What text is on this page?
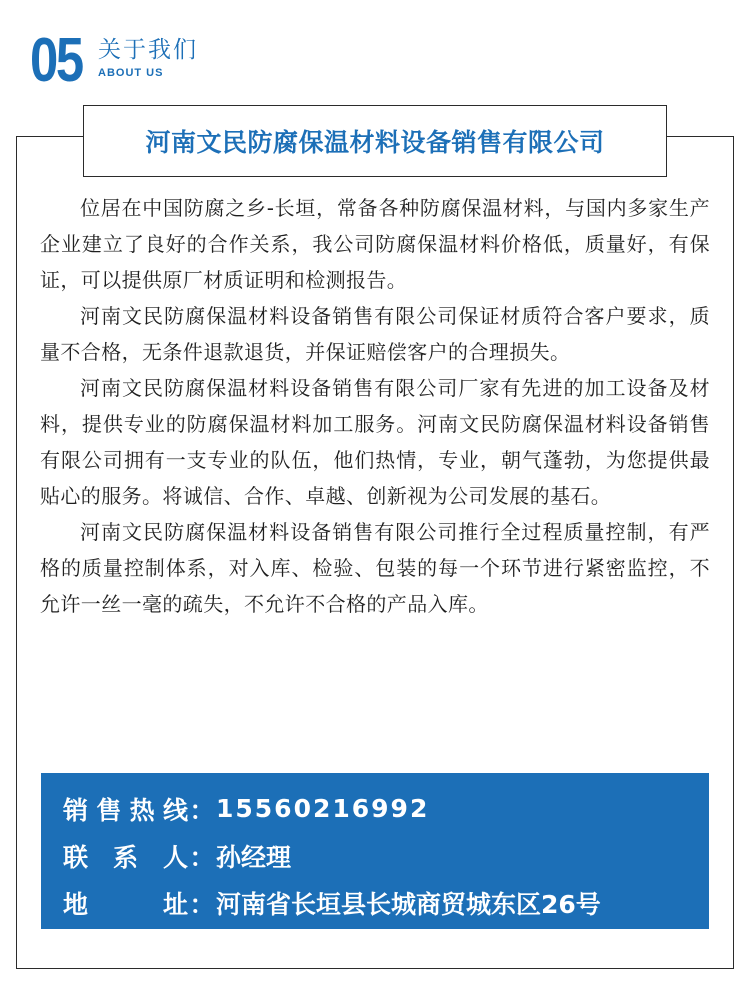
05 关于我们
ABOUT US
河南文民防腐保温材料设备销售有限公司

位居在中国防腐之乡-长垣，常备各种防腐保温材料，与国内多家生产企业建立了良好的合作关系，我公司防腐保温材料价格低，质量好，有保证，可以提供原厂材质证明和检测报告。

河南文民防腐保温材料设备销售有限公司保证材质符合客户要求，质量不合格，无条件退款退货，并保证赔偿客户的合理损失。

河南文民防腐保温材料设备销售有限公司厂家有先进的加工设备及材料，提供专业的防腐保温材料加工服务。河南文民防腐保温材料设备销售有限公司拥有一支专业的队伍，他们热情，专业，朝气蓬勃，为您提供最贴心的服务。将诚信、合作、卓越、创新视为公司发展的基石。

河南文民防腐保温材料设备销售有限公司推行全过程质量控制，有严格的质量控制体系，对入库、检验、包装的每一个环节进行紧密监控，不允许一丝一毫的疏失，不允许不合格的产品入库。

销售热线 ： 15560216992
联系人 ： 孙经理
地址 ： 河南省长垣县长城商贸城东区26号
